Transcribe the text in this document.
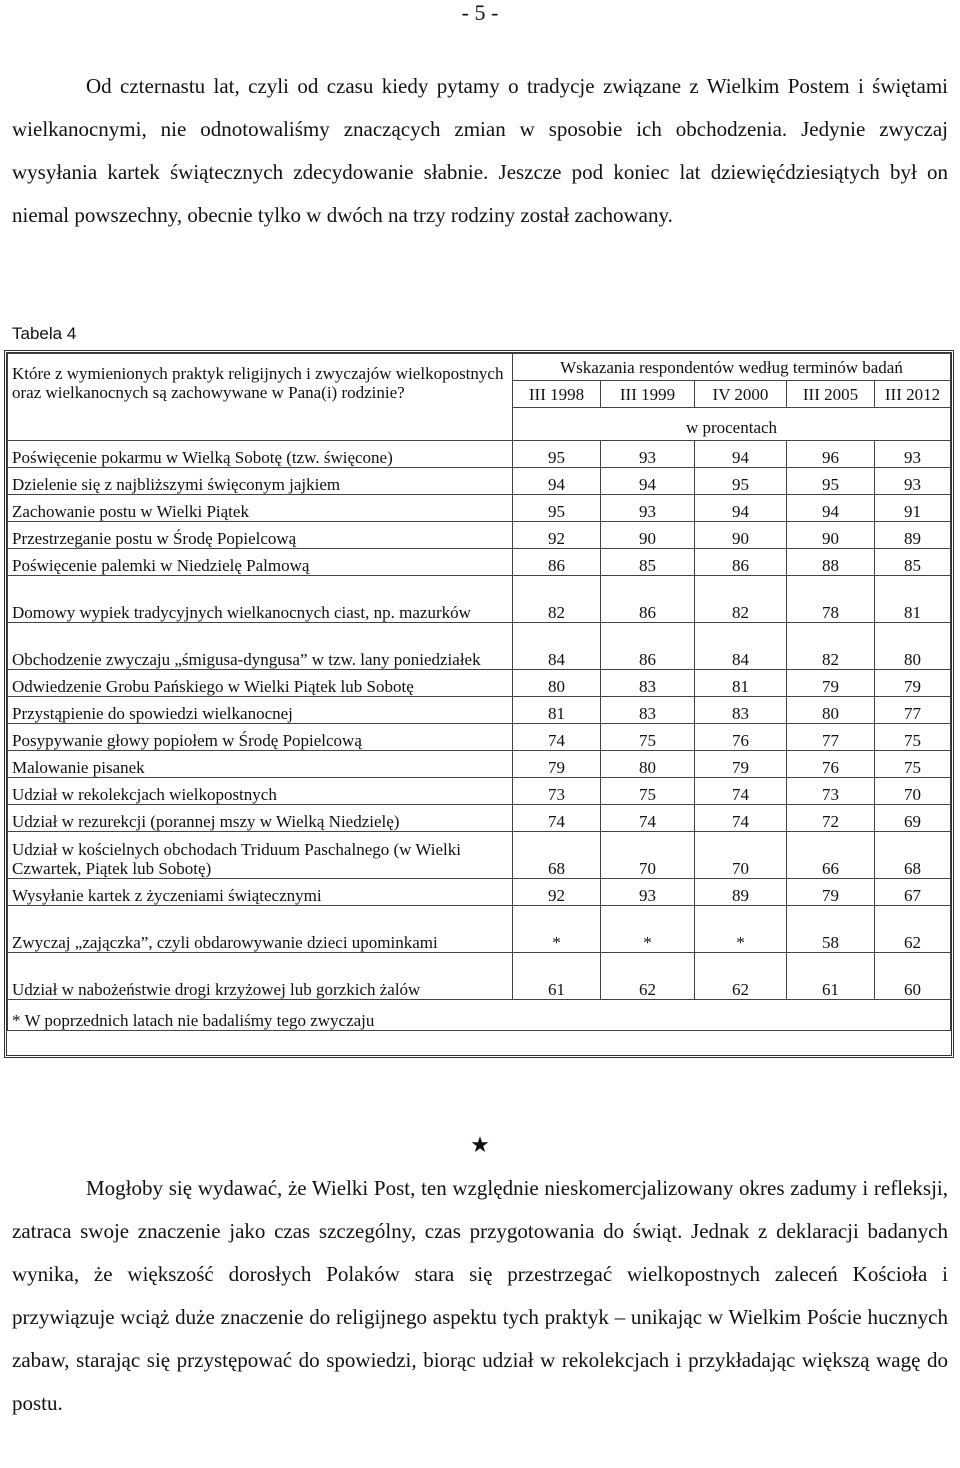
- 5 -

Od czternastu lat, czyli od czasu kiedy pytamy o tradycje związane z Wielkim Postem i świętami wielkanocnymi, nie odnotowaliśmy znaczących zmian w sposobie ich obchodzenia. Jedynie zwyczaj wysyłania kartek świątecznych zdecydowanie słabnie. Jeszcze pod koniec lat dziewięćdziesiątych był on niemal powszechny, obecnie tylko w dwóch na trzy rodziny został zachowany.

Tabela 4
Które z wymienionych praktyk religijnych i zwyczajów wielkopostnych oraz wielkanocnych są zachowywane w Pana(i) rodzinie?	Wskazania respondentów według terminów badań				
	III 1998	III 1999	IV 2000	III 2005	III 2012
	w procentach				
Poświęcenie pokarmu w Wielką Sobotę (tzw. święcone)	95	93	94	96	93
Dzielenie się z najbliższymi święconym jajkiem	94	94	95	95	93
Zachowanie postu w Wielki Piątek	95	93	94	94	91
Przestrzeganie postu w Środę Popielcową	92	90	90	90	89
Poświęcenie palemki w Niedzielę Palmową	86	85	86	88	85
Domowy wypiek tradycyjnych wielkanocnych ciast, np. mazurków	82	86	82	78	81
Obchodzenie zwyczaju „śmigusa-dyngusa” w tzw. lany poniedziałek	84	86	84	82	80
Odwiedzenie Grobu Pańskiego w Wielki Piątek lub Sobotę	80	83	81	79	79
Przystąpienie do spowiedzi wielkanocnej	81	83	83	80	77
Posypywanie głowy popiołem w Środę Popielcową	74	75	76	77	75
Malowanie pisanek	79	80	79	76	75
Udział w rekolekcjach wielkopostnych	73	75	74	73	70
Udział w rezurekcji (porannej mszy w Wielką Niedzielę)	74	74	74	72	69
Udział w kościelnych obchodach Triduum Paschalnego (w Wielki Czwartek, Piątek lub Sobotę)	68	70	70	66	68
Wysyłanie kartek z życzeniami świątecznymi	92	93	89	79	67
Zwyczaj „zajączka”, czyli obdarowywanie dzieci upominkami	*	*	*	58	62
Udział w nabożeństwie drogi krzyżowej lub gorzkich żalów	61	62	62	61	60
* W poprzednich latach nie badaliśmy tego zwyczaju					
★

Mogłoby się wydawać, że Wielki Post, ten względnie nieskomercjalizowany okres zadumy i refleksji, zatraca swoje znaczenie jako czas szczególny, czas przygotowania do świąt. Jednak z deklaracji badanych wynika, że większość dorosłych Polaków stara się przestrzegać wielkopostnych zaleceń Kościoła i przywiązuje wciąż duże znaczenie do religijnego aspektu tych praktyk – unikając w Wielkim Poście hucznych zabaw, starając się przystępować do spowiedzi, biorąc udział w rekolekcjach i przykładając większą wagę do postu.
